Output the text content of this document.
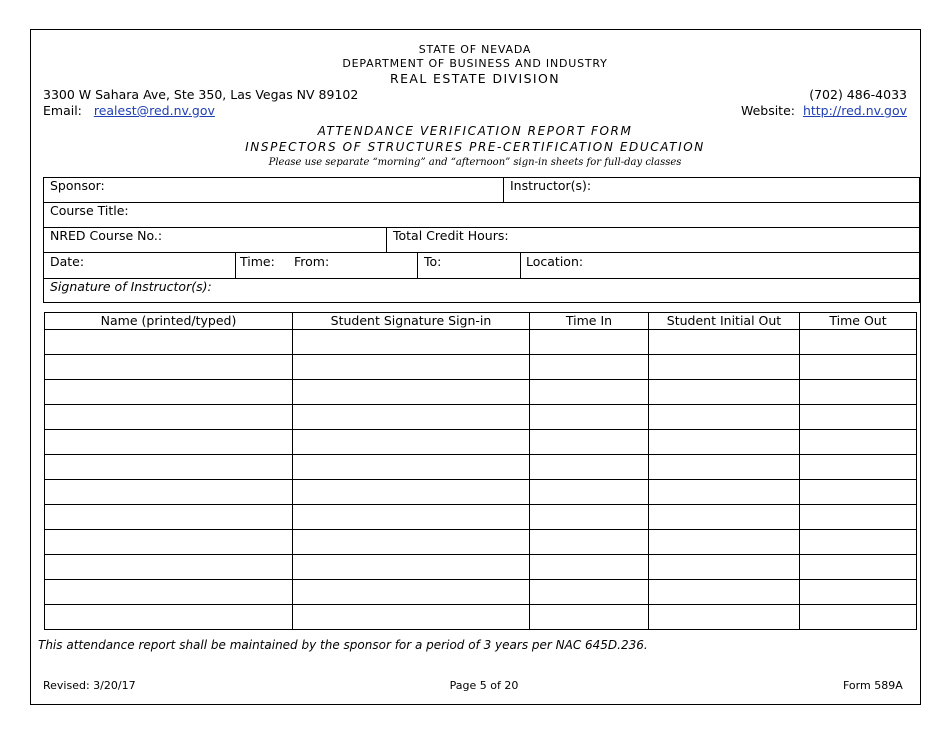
STATE OF NEVADA
DEPARTMENT OF BUSINESS AND INDUSTRY
REAL ESTATE DIVISION
3300 W Sahara Ave, Ste 350, Las Vegas NV 89102	(702) 486-4033
Email: realest@red.nv.gov	Website: http://red.nv.gov
ATTENDANCE VERIFICATION REPORT FORM
INSPECTORS OF STRUCTURES PRE-CERTIFICATION EDUCATION
Please use separate “morning” and “afternoon” sign-in sheets for full-day classes
Sponsor:	Instructor(s):
Course Title:
NRED Course No.:	Total Credit Hours:
Date:	Time: From:	To:	Location:
Signature of Instructor(s):
Name (printed/typed)	Student Signature Sign-in	Time In	Student Initial Out	Time Out

This attendance report shall be maintained by the sponsor for a period of 3 years per NAC 645D.236.
Revised: 3/20/17	Page 5 of 20	Form 589A
